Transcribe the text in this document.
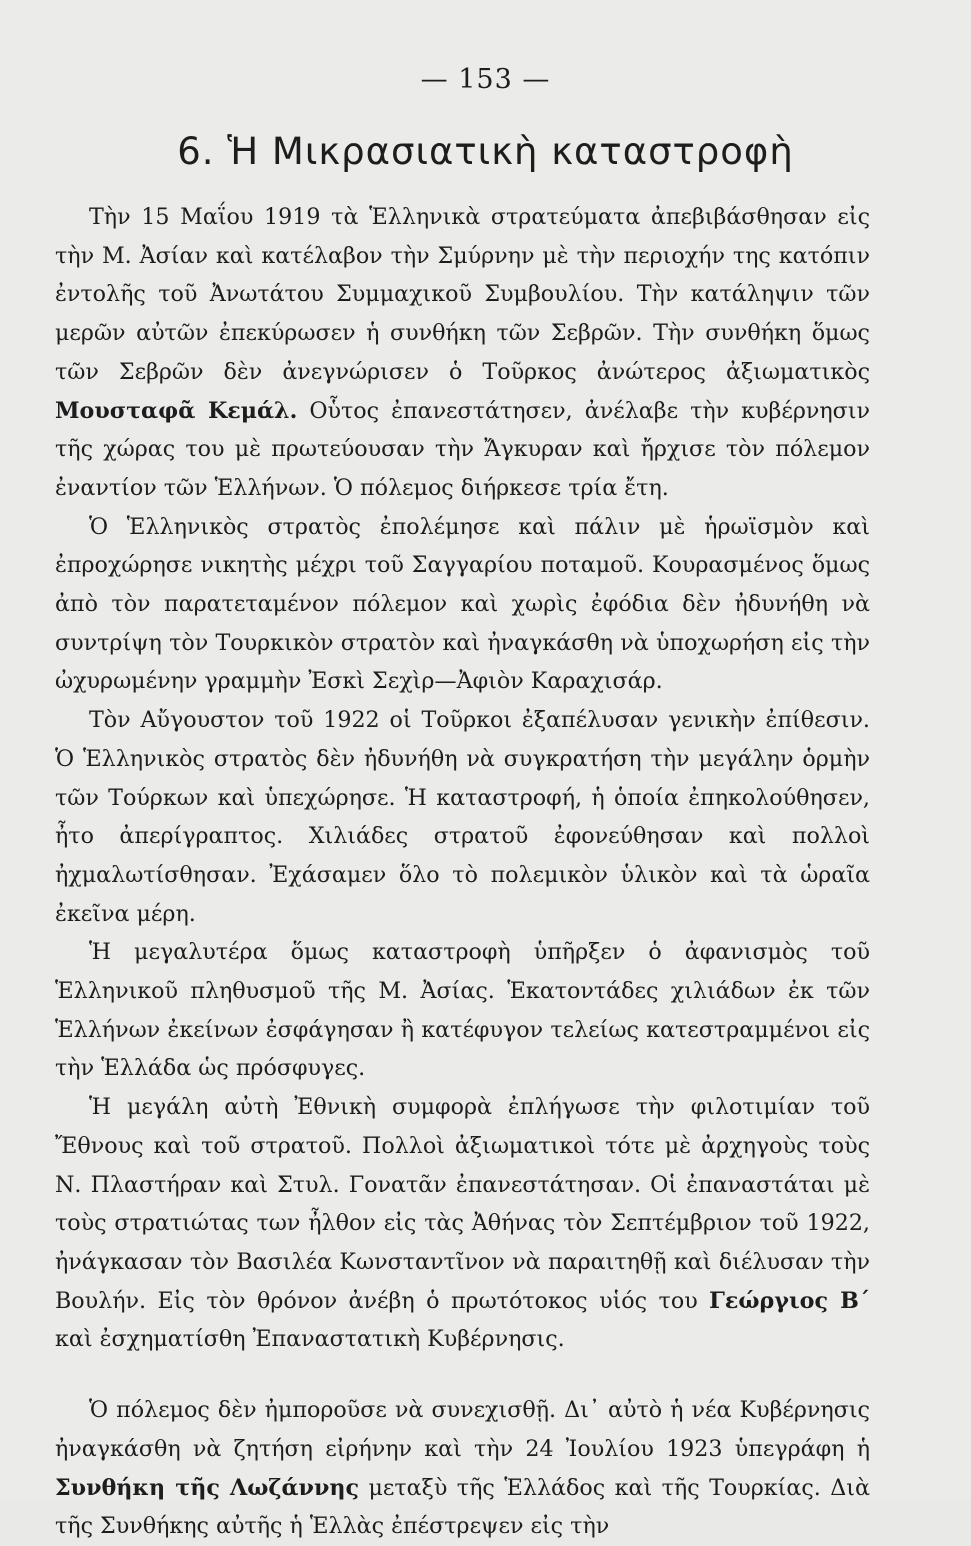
— 153 —
6. Ἡ Μικρασιατικὴ καταστροφὴ

Τὴν 15 Μαΐου 1919 τὰ Ἑλληνικὰ στρατεύματα ἀπεβιβάσθησαν εἰς τὴν Μ. Ἀσίαν καὶ κατέλαβον τὴν Σμύρνην μὲ τὴν περιοχήν της κατόπιν ἐντολῆς τοῦ Ἀνωτάτου Συμμαχικοῦ Συμβουλίου. Τὴν κατάληψιν τῶν μερῶν αὐτῶν ἐπεκύρωσεν ἡ συνθήκη τῶν Σεβρῶν. Τὴν συνθήκη ὅμως τῶν Σεβρῶν δὲν ἀνεγνώρισεν ὁ Τοῦρκος ἀνώτερος ἀξιωματικὸς Μουσταφᾶ Κεμάλ. Οὗτος ἐπανεστάτησεν, ἀνέλαβε τὴν κυβέρνησιν τῆς χώρας του μὲ πρωτεύουσαν τὴν Ἄγκυραν καὶ ἤρχισε τὸν πόλεμον ἐναντίον τῶν Ἑλλήνων. Ὁ πόλεμος διήρκεσε τρία ἔτη.

Ὁ Ἑλληνικὸς στρατὸς ἐπολέμησε καὶ πάλιν μὲ ἡρωϊσμὸν καὶ ἐπροχώρησε νικητὴς μέχρι τοῦ Σαγγαρίου ποταμοῦ. Κουρασμένος ὅμως ἀπὸ τὸν παρατεταμένον πόλεμον καὶ χωρὶς ἐφόδια δὲν ἠδυνήθη νὰ συντρίψη τὸν Τουρκικὸν στρατὸν καὶ ἠναγκάσθη νὰ ὑποχωρήση εἰς τὴν ὠχυρωμένην γραμμὴν Ἐσκὶ Σεχὶρ—Ἀφιὸν Καραχισάρ.

Τὸν Αὔγουστον τοῦ 1922 οἱ Τοῦρκοι ἐξαπέλυσαν γενικὴν ἐπίθεσιν. Ὁ Ἑλληνικὸς στρατὸς δὲν ἠδυνήθη νὰ συγκρατήση τὴν μεγάλην ὁρμὴν τῶν Τούρκων καὶ ὑπεχώρησε. Ἡ καταστροφή, ἡ ὁποία ἐπηκολούθησεν, ἦτο ἀπερίγραπτος. Χιλιάδες στρατοῦ ἐφονεύθησαν καὶ πολλοὶ ἠχμαλωτίσθησαν. Ἐχάσαμεν ὅλο τὸ πολεμικὸν ὑλικὸν καὶ τὰ ὡραῖα ἐκεῖνα μέρη.

Ἡ μεγαλυτέρα ὅμως καταστροφὴ ὑπῆρξεν ὁ ἀφανισμὸς τοῦ Ἑλληνικοῦ πληθυσμοῦ τῆς Μ. Ἀσίας. Ἑκατοντάδες χιλιάδων ἐκ τῶν Ἑλλήνων ἐκείνων ἐσφάγησαν ἢ κατέφυγον τελείως κατεστραμμένοι εἰς τὴν Ἑλλάδα ὡς πρόσφυγες.

Ἡ μεγάλη αὐτὴ Ἐθνικὴ συμφορὰ ἐπλήγωσε τὴν φιλοτιμίαν τοῦ Ἔθνους καὶ τοῦ στρατοῦ. Πολλοὶ ἀξιωματικοὶ τότε μὲ ἀρχηγοὺς τοὺς Ν. Πλαστήραν καὶ Στυλ. Γονατᾶν ἐπανεστάτησαν. Οἱ ἐπαναστάται μὲ τοὺς στρατιώτας των ἦλθον εἰς τὰς Ἀθήνας τὸν Σεπτέμβριον τοῦ 1922, ἠνάγκασαν τὸν Βασιλέα Κωνσταντῖνον νὰ παραιτηθῇ καὶ διέλυσαν τὴν Βουλήν. Εἰς τὸν θρόνον ἀνέβη ὁ πρωτότοκος υἱός του Γεώργιος Β΄ καὶ ἐσχηματίσθη Ἐπαναστατικὴ Κυβέρνησις.

Ὁ πόλεμος δὲν ἠμποροῦσε νὰ συνεχισθῇ. Δι᾿ αὐτὸ ἡ νέα Κυβέρνησις ἠναγκάσθη νὰ ζητήση εἰρήνην καὶ τὴν 24 Ἰουλίου 1923 ὑπεγράφη ἡ Συνθήκη τῆς Λωζάννης μεταξὺ τῆς Ἑλλάδος καὶ τῆς Τουρκίας. Διὰ τῆς Συνθήκης αὐτῆς ἡ Ἑλλὰς ἐπέστρεψεν εἰς τὴν
